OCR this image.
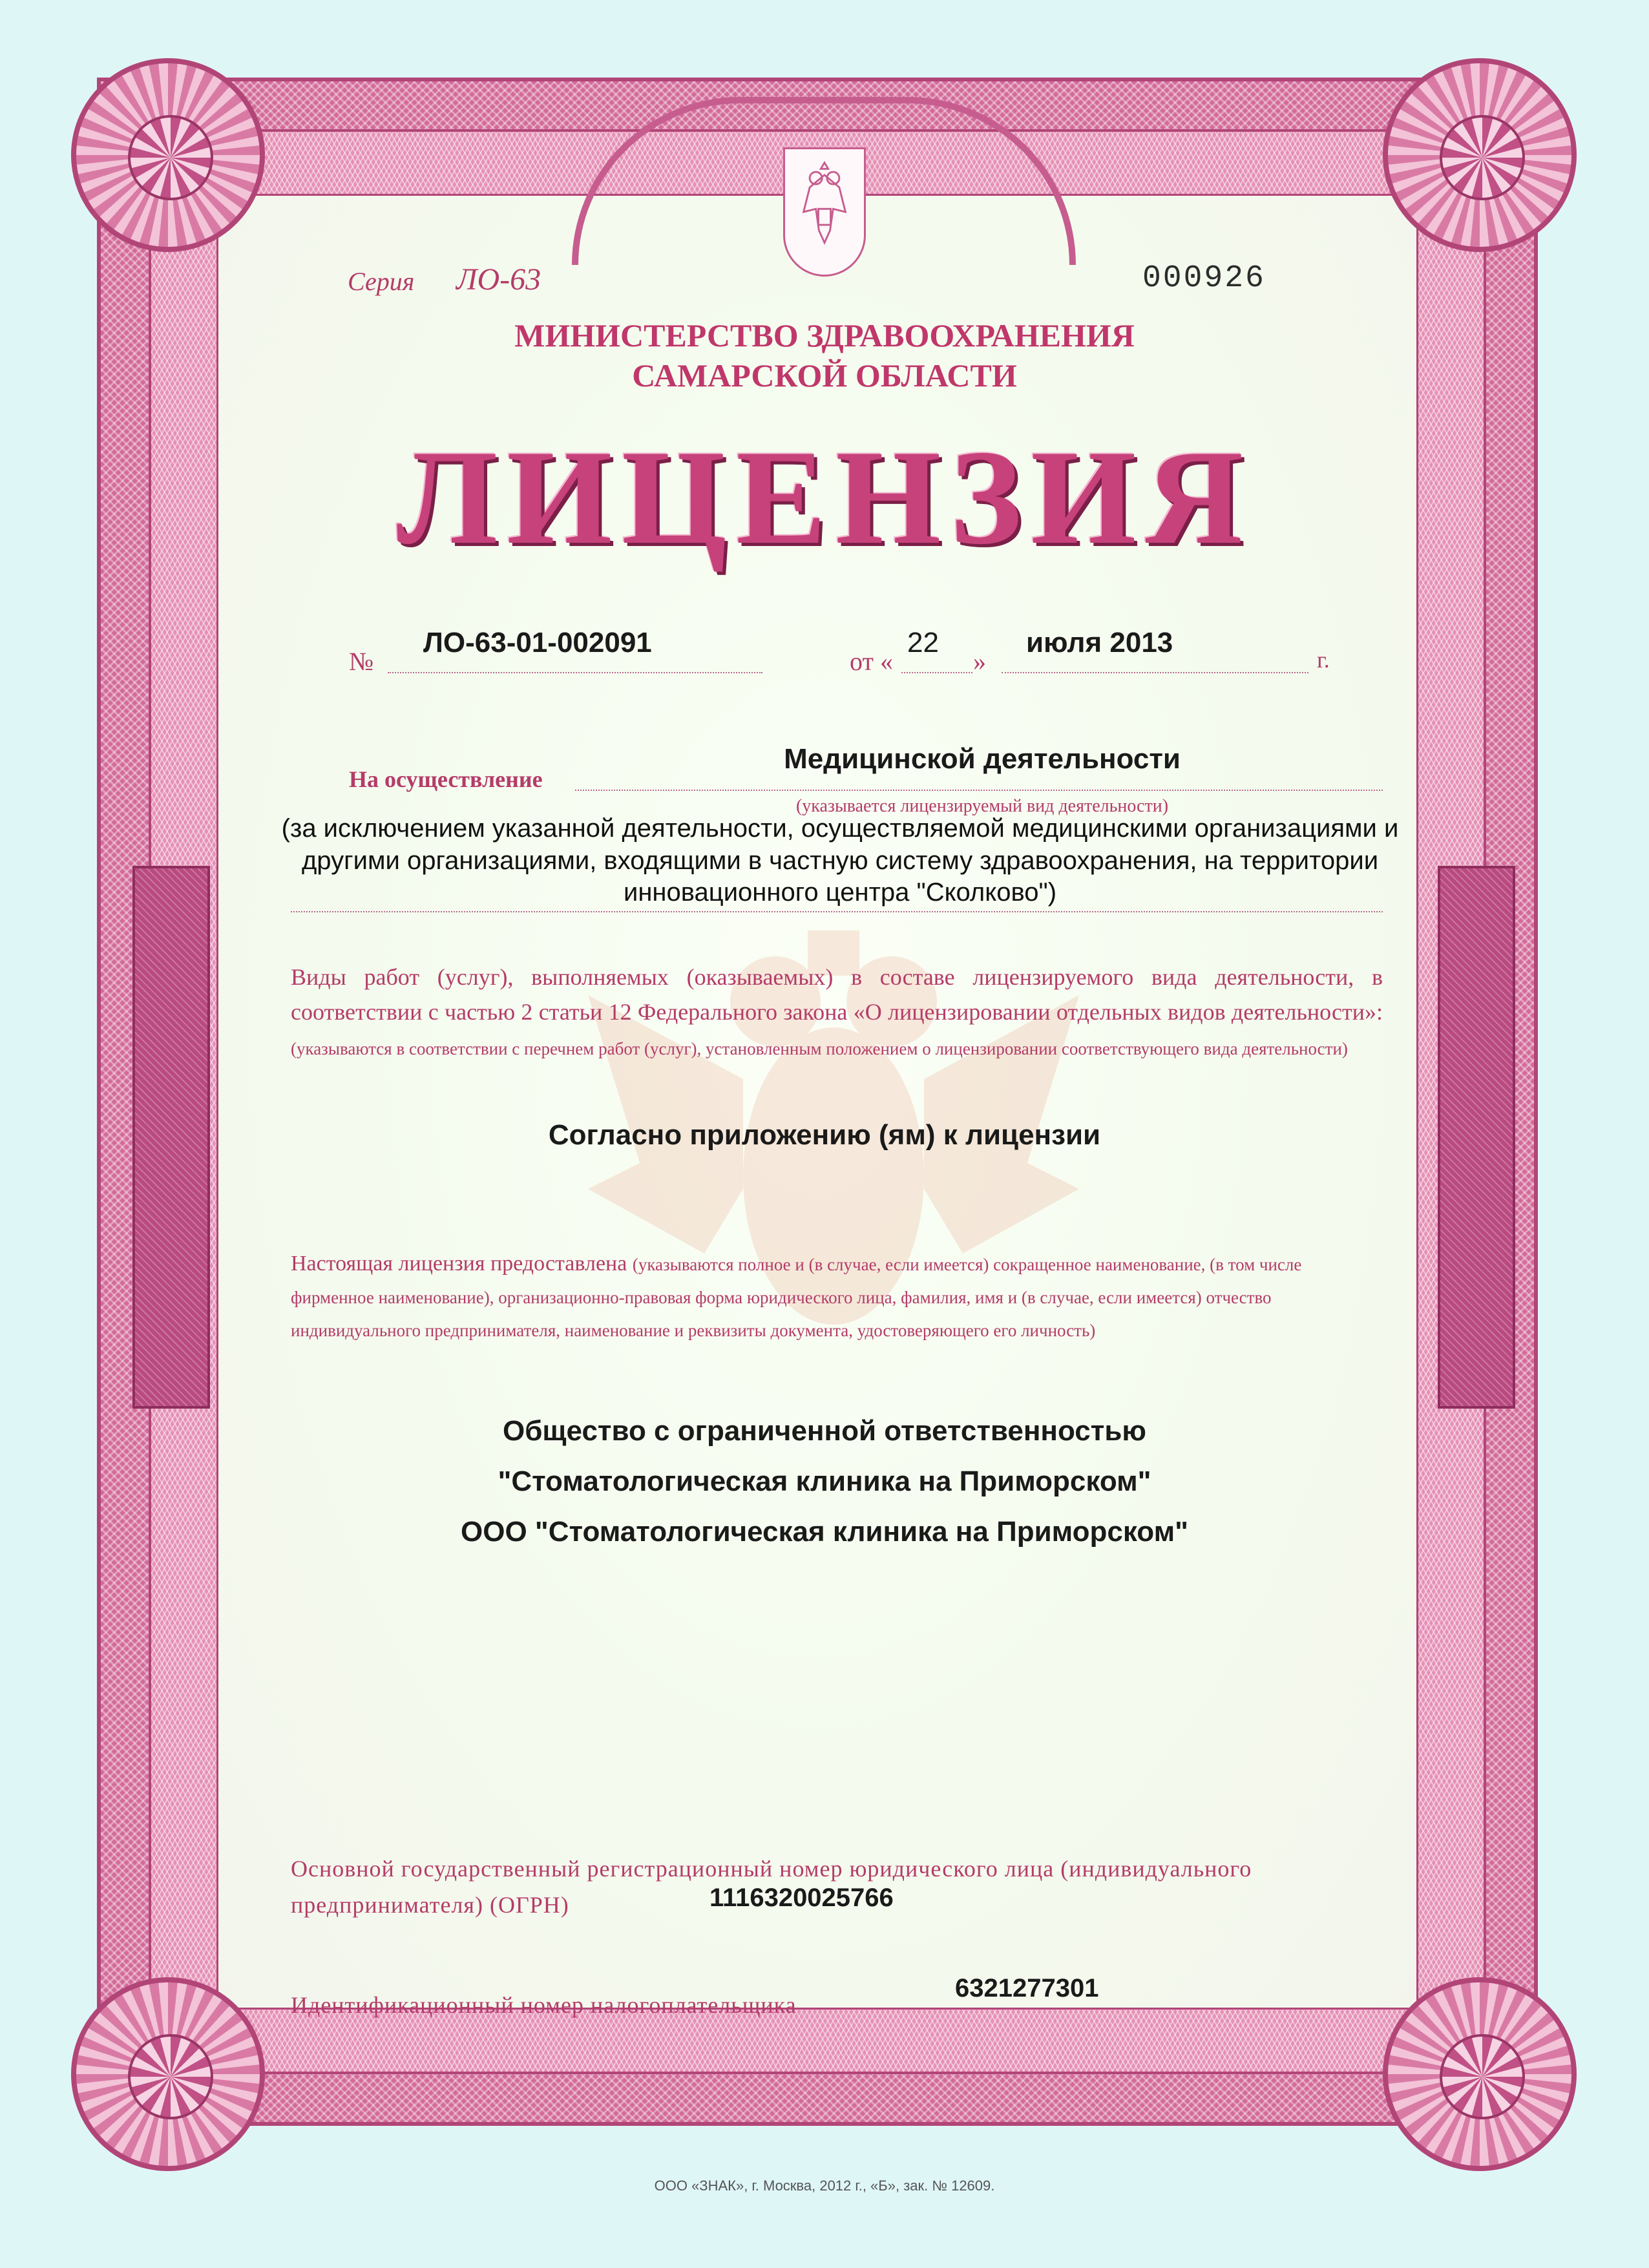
Серия ЛО-63	000926

МИНИСТЕРСТВО ЗДРАВООХРАНЕНИЯ

САМАРСКОЙ ОБЛАСТИ

ЛИЦЕНЗИЯ

№

ЛО-63-01-002091

от «

22

»

июля 2013

г.

На осуществление

Медицинской деятельности

(указывается лицензируемый вид деятельности)

(за исключением указанной деятельности, осуществляемой медицинскими организациями и другими организациями, входящими в частную систему здравоохранения, на территории инновационного центра "Сколково")

Виды работ (услуг), выполняемых (оказываемых) в составе лицензируемого вида деятельности, в соответствии с частью 2 статьи 12 Федерального закона «О лицензировании отдельных видов деятельности»: (указываются в соответствии с перечнем работ (услуг), установленным положением о лицензировании соответствующего вида деятельности)

Согласно приложению (ям) к лицензии

Настоящая лицензия предоставлена (указываются полное и (в случае, если имеется) сокращенное наименование, (в том числе фирменное наименование), организационно-правовая форма юридического лица, фамилия, имя и (в случае, если имеется) отчество индивидуального предпринимателя, наименование и реквизиты документа, удостоверяющего его личность)

Общество с ограниченной ответственностью

"Стоматологическая клиника на Приморском"

ООО "Стоматологическая клиника на Приморском"

Основной государственный регистрационный номер юридического лица (индивидуального предпринимателя) (ОГРН)	1116320025766

Идентификационный номер налогоплательщика

6321277301

ООО «ЗНАК», г. Москва, 2012 г., «Б», зак. № 12609.
